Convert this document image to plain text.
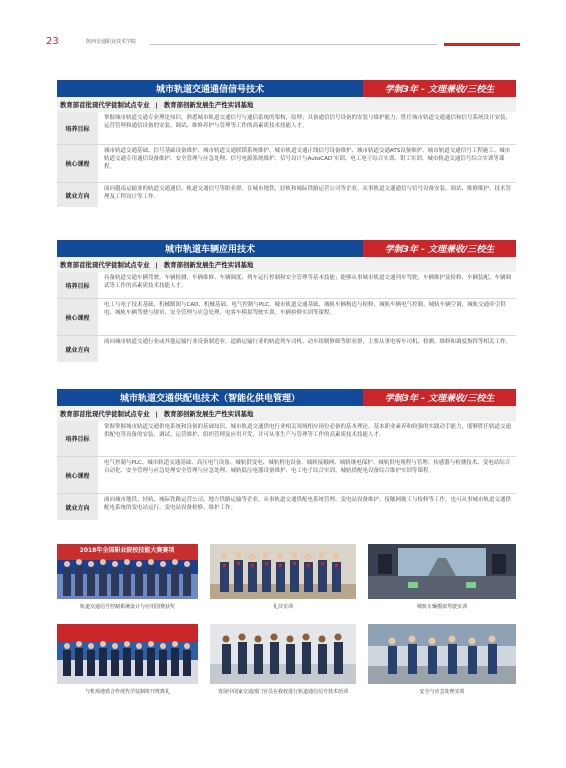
23	陕西交通职业技术学院
城市轨道交通通信信号技术	学制3年 - 文理兼收/三校生
教育部首批现代学徒制试点专业 | 教育部创新发展生产性实训基地
培养目标
掌握城市轨道交通专业理论知识，熟悉城市轨道交通信号与通信系统的架构、原理；具备通信信号设备的安装与维护能力；胜任城市轨道交通通信和信号系统设计安装、运营管理和通信设备的安装、调试、维修养护与管理等工作的高素质技术技能人才。
核心课程
城市轨道交通基础、信号基础设备维护、城市轨道交通联锁系统维护、城市轨道交通正线信号设备维护、城市轨道交通ATS设备维护、城市轨道交通信号工程施工、城市轨道交通专用通信设备维护、安全管理与应急处理、信号电源系统维护、信号设计与AutoCAD 实训、电工电子综合实训、钳工实训、城市轨道交通信号综合实训等课程。
就业方向
面向越南运输业的轨道交通通信、轨道交通信号等职业群。在城市地铁、轻轨和城际铁路运营公司等企业，从事轨道交通通信与信号设备安装、调试、维修维护、技术管理及工程设计等工作。
城市轨道车辆应用技术	学制3年 - 文理兼收/三校生
教育部首批现代学徒制试点专业 | 教育部创新发展生产性实训基地
培养目标
具备轨道交通车辆驾驶、车辆检测、车辆维修、车辆调度、列车运行控制和安全管理等基本技能；能够从事城市轨道交通列车驾驶、车辆维护及检修、车辆装配、车辆调试等工作的高素质技术技能人才。
核心课程
电工与电子技术基础、机械制图与CAD、机械基础、电气控制与PLC、城市轨道交通基础、城轨车辆构造与检修、城轨车辆电气控制、城轨车辆空调、城轨交通牵引供电、城轨车辆驾驶与规章、安全管理与应急处理、电客车模拟驾驶实训、车辆检修实训等课程。
就业方向
面向城市轨道交通行业或其他运输行业设备制造业、道路运输行业的轨道列车司机、动车组制修师等职业群，主要从事电客车司机、检测、维修和调度指挥等相关工作。
城市轨道交通供配电技术（智能化供电管理）	学制3年 - 文理兼收/三校生
教育部首批现代学徒制试点专业 | 教育部创新发展生产性实训基地
培养目标
掌握掌握城市轨道交通供电系统和设备的基础知识、城市轨道交通供电行业相关领域相应岗位必备的基本理论、基本职业素养和较强的实践动手能力，能够胜任轨道交通供配电等设备的安装、调试、运营维护、组织管理及应用开发，并可从事生产与管理等工作的高素质技术技能人才。
核心课程
电气控制与PLC、城市轨道交通基础、高压电气设备、城轨供变电、城轨机电设备、城轨接触网、城轨继电保护、城轨供电规程与管理、传感器与检测技术、变电站综合自动化、安全管理与应急处理安全管理与应急处理、城轨低压电器设备维护、电工电子综合实训、城轨供配电设备综合维护实训等课程。
就业方向
面向城市地铁、轻轨、城际铁路运营公司、地方铁路运输等企业，从事轨道交通供配电系统管理、变电站设备维护、接触网施工与检修等工作，也可从事城市轨道交通供配电系统的变电站运行、变电站设备检修、维护工作。
2018年全国职业院校技能大赛赛项
轨道交通信号控制系统设计与应用国赛获奖	礼仪实训	城轨车辆模拟驾驶实训
与机场地铁合作现代学徒制班开班典礼	发展中国家交通部门官员在我校进行轨道通信信号技术培训	安全与应急处理实训
